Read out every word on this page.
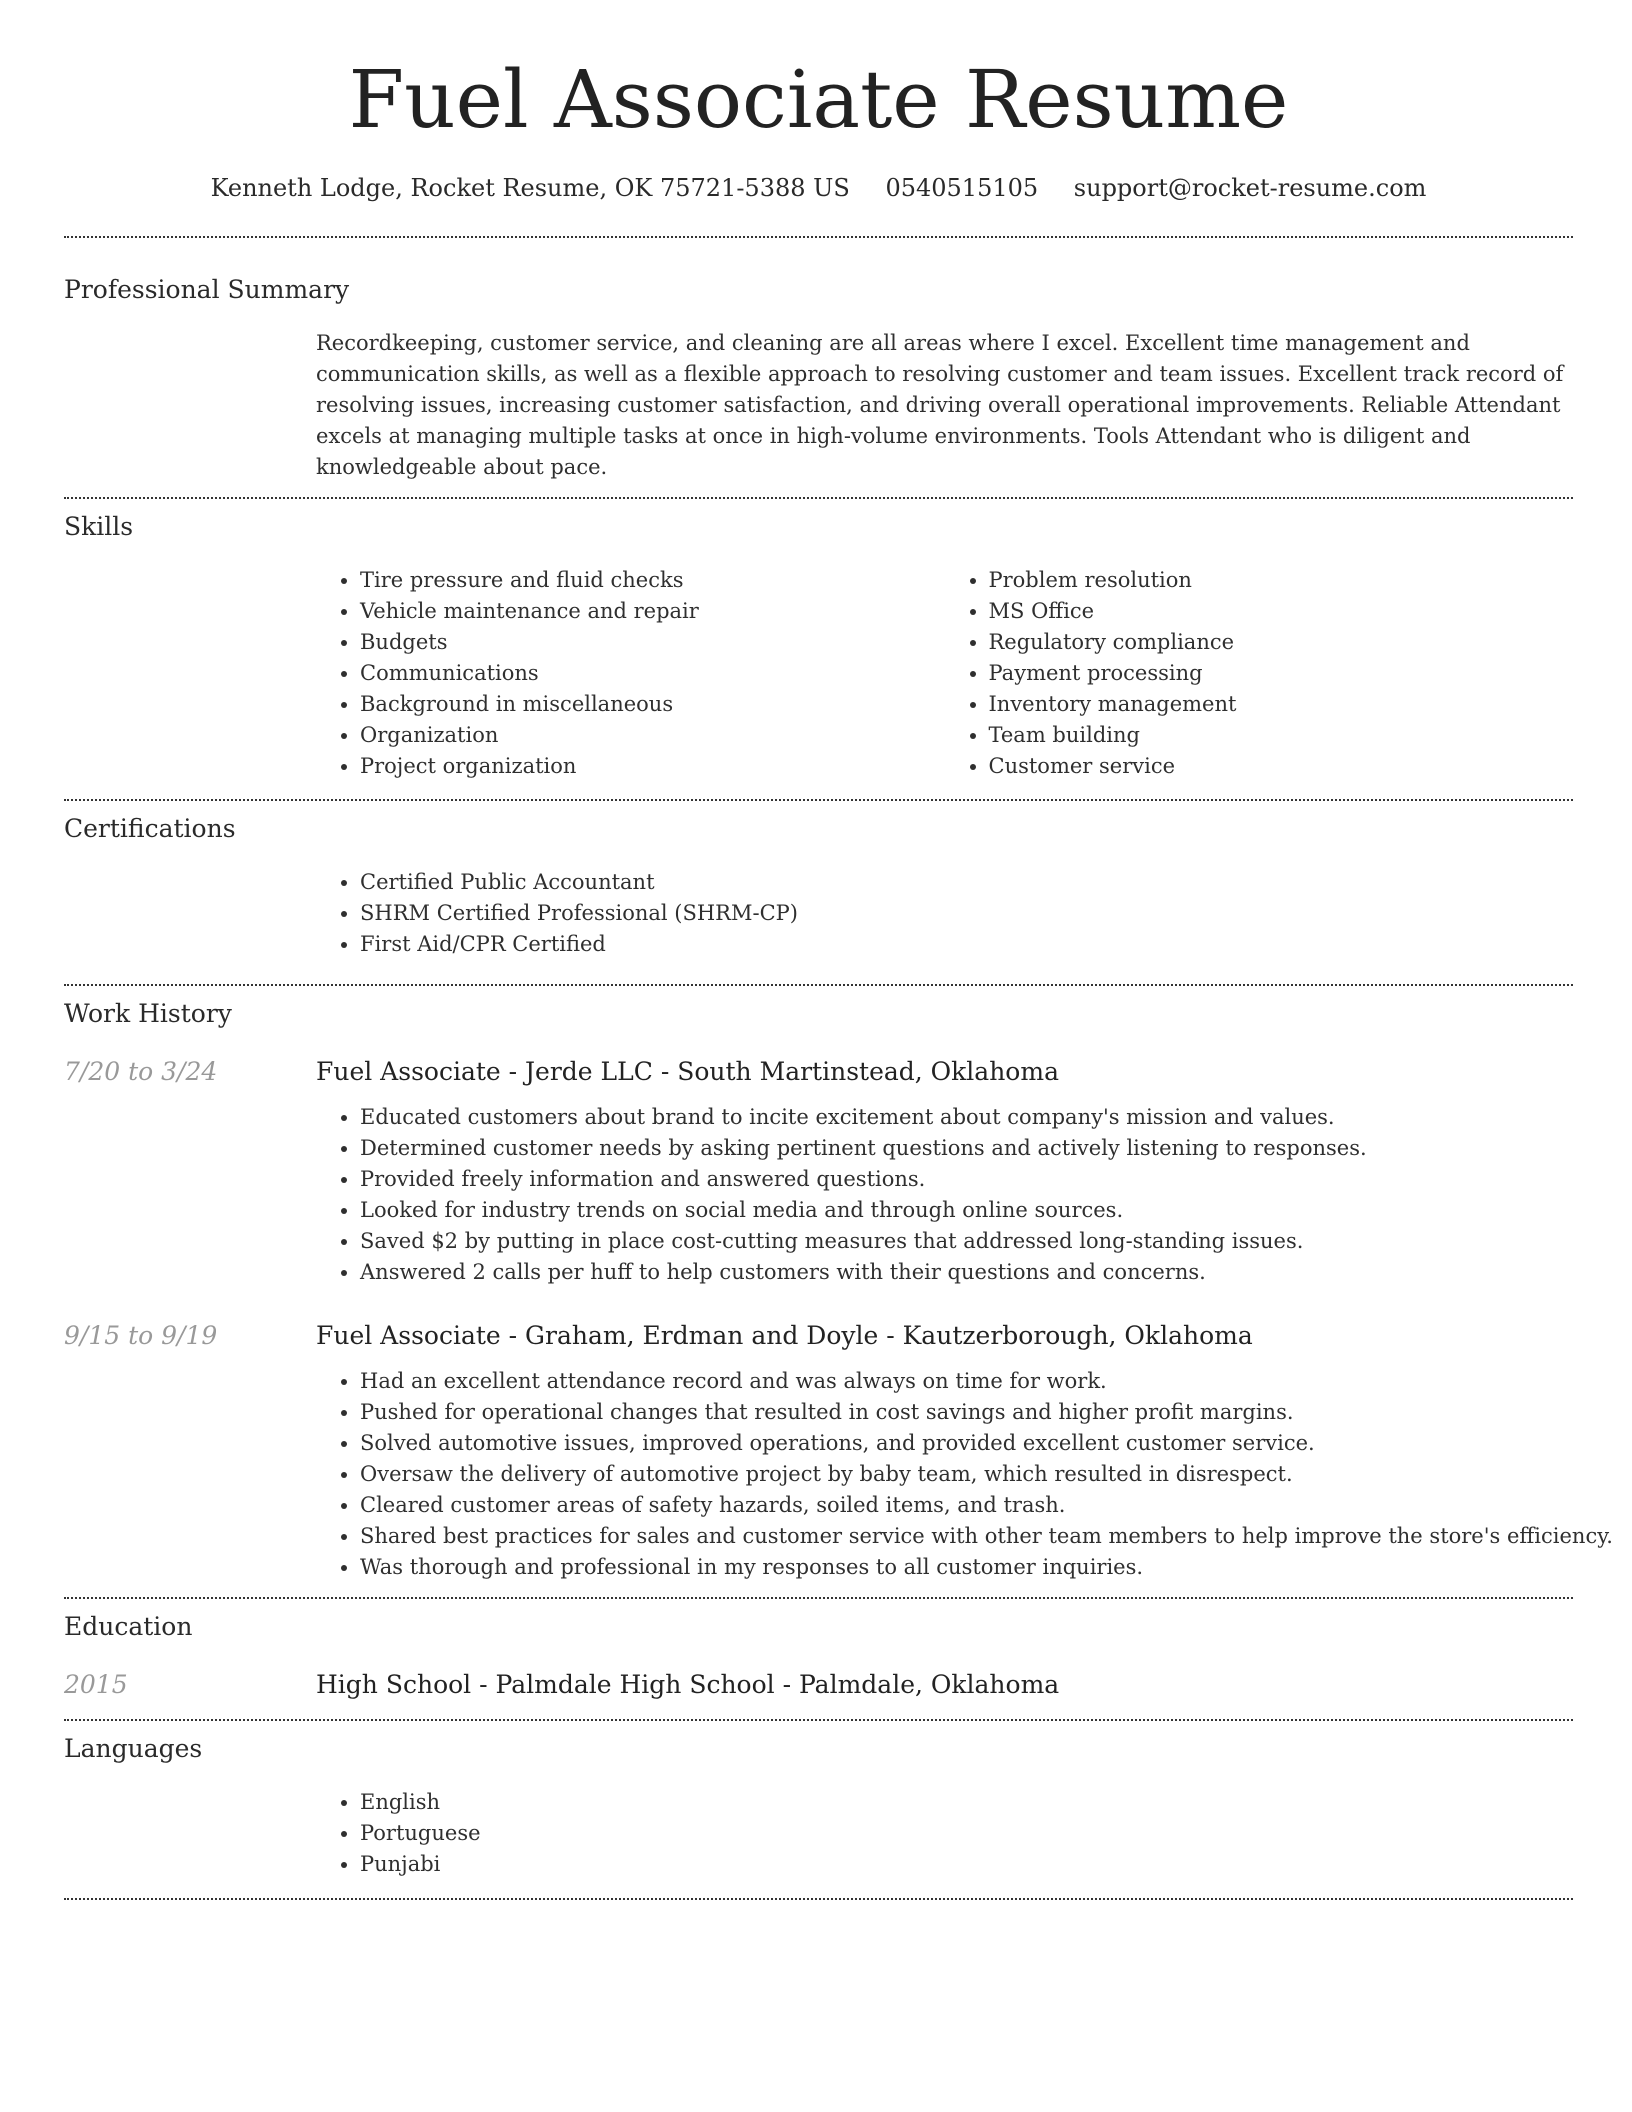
Fuel Associate Resume
Kenneth Lodge, Rocket Resume, OK 75721-5388 US 0540515105 support@rocket-resume.com
Professional Summary

Recordkeeping, customer service, and cleaning are all areas where I excel. Excellent time management and communication skills, as well as a flexible approach to resolving customer and team issues. Excellent track record of resolving issues, increasing customer satisfaction, and driving overall operational improvements. Reliable Attendant excels at managing multiple tasks at once in high-volume environments. Tools Attendant who is diligent and knowledgeable about pace.

Skills
• Tire pressure and fluid checks
• Vehicle maintenance and repair
• Budgets
• Communications
• Background in miscellaneous
• Organization
• Project organization
• Problem resolution
• MS Office
• Regulatory compliance
• Payment processing
• Inventory management
• Team building
• Customer service
Certifications
• Certified Public Accountant
• SHRM Certified Professional (SHRM-CP)
• First Aid/CPR Certified
Work History
7/20 to 3/24	Fuel Associate - Jerde LLC - South Martinstead, Oklahoma
• Educated customers about brand to incite excitement about company's mission and values.
• Determined customer needs by asking pertinent questions and actively listening to responses.
• Provided freely information and answered questions.
• Looked for industry trends on social media and through online sources.
• Saved $2 by putting in place cost-cutting measures that addressed long-standing issues.
• Answered 2 calls per huff to help customers with their questions and concerns.
9/15 to 9/19	Fuel Associate - Graham, Erdman and Doyle - Kautzerborough, Oklahoma
• Had an excellent attendance record and was always on time for work.
• Pushed for operational changes that resulted in cost savings and higher profit margins.
• Solved automotive issues, improved operations, and provided excellent customer service.
• Oversaw the delivery of automotive project by baby team, which resulted in disrespect.
• Cleared customer areas of safety hazards, soiled items, and trash.
• Shared best practices for sales and customer service with other team members to help improve the store's efficiency.
• Was thorough and professional in my responses to all customer inquiries.
Education
2015	High School - Palmdale High School - Palmdale, Oklahoma
Languages
• English
• Portuguese
• Punjabi
